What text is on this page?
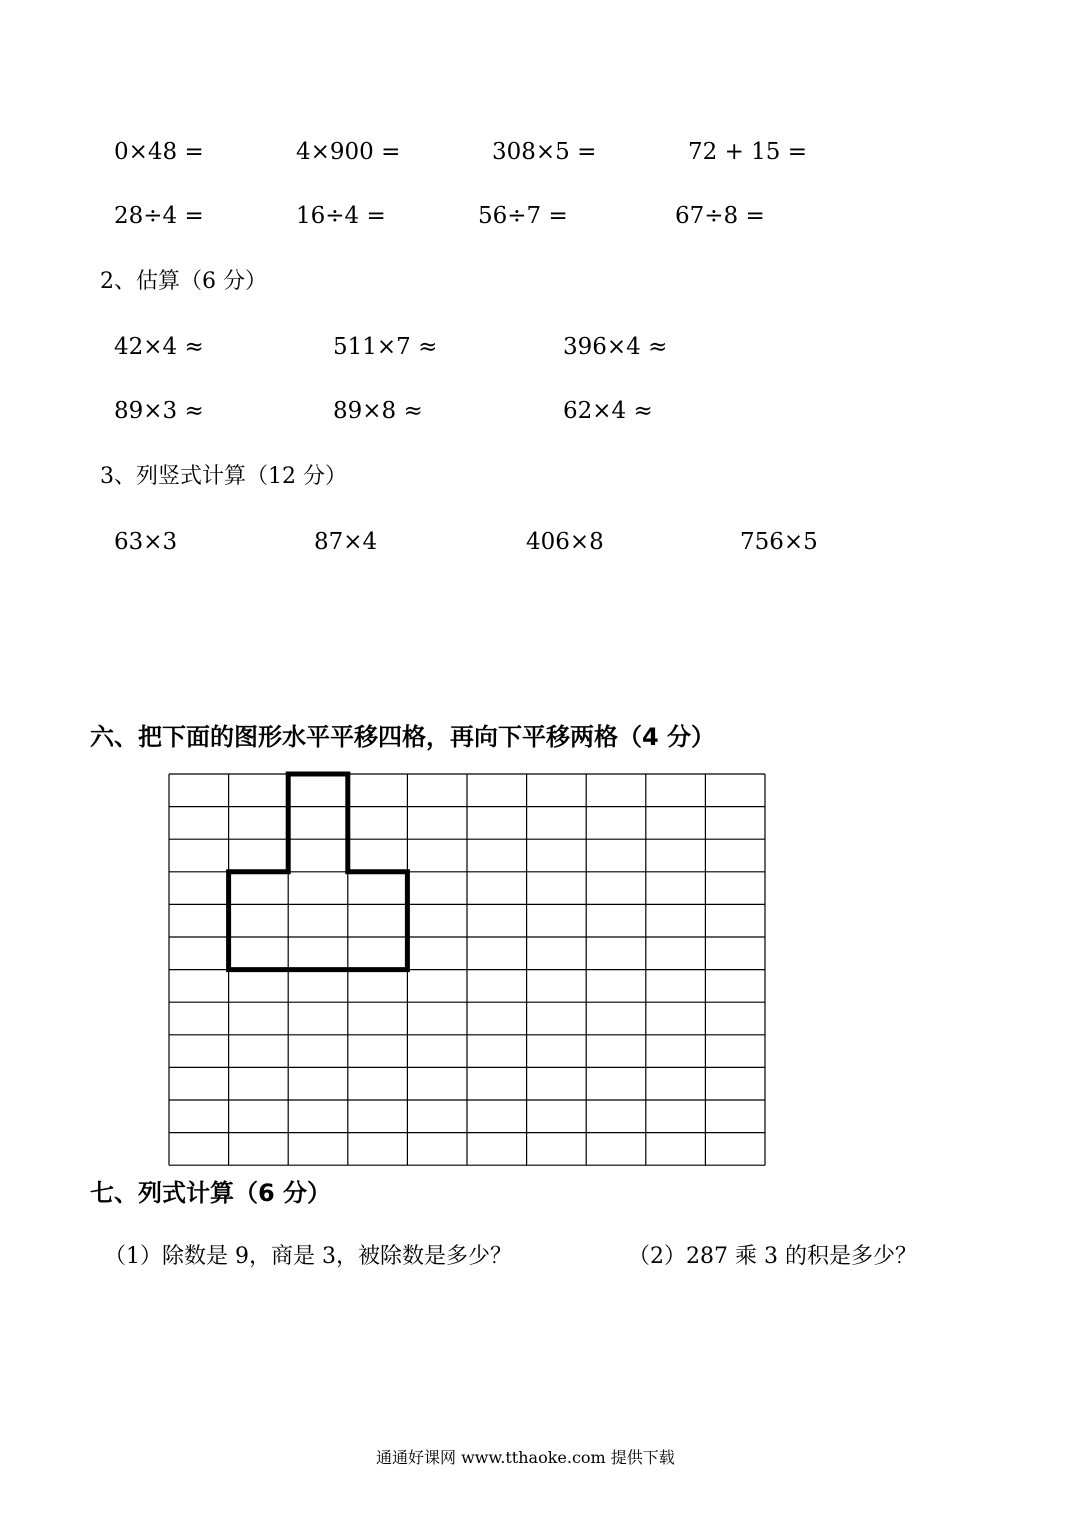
0×48 =	4×900 =	308×5 =	72 + 15 =
28÷4 =	16÷4 =	56÷7 =	67÷8 =
2、估算（6 分）
42×4 ≈	511×7 ≈	396×4 ≈
89×3 ≈	89×8 ≈	62×4 ≈
3、列竖式计算（12 分）
63×3	87×4	406×8	756×5
六、把下面的图形水平平移四格，再向下平移两格（4 分）
七、列式计算（6 分）
（1）除数是 9，商是 3，被除数是多少？	（2）287 乘 3 的积是多少？
通通好课网 www.tthaoke.com 提供下载
